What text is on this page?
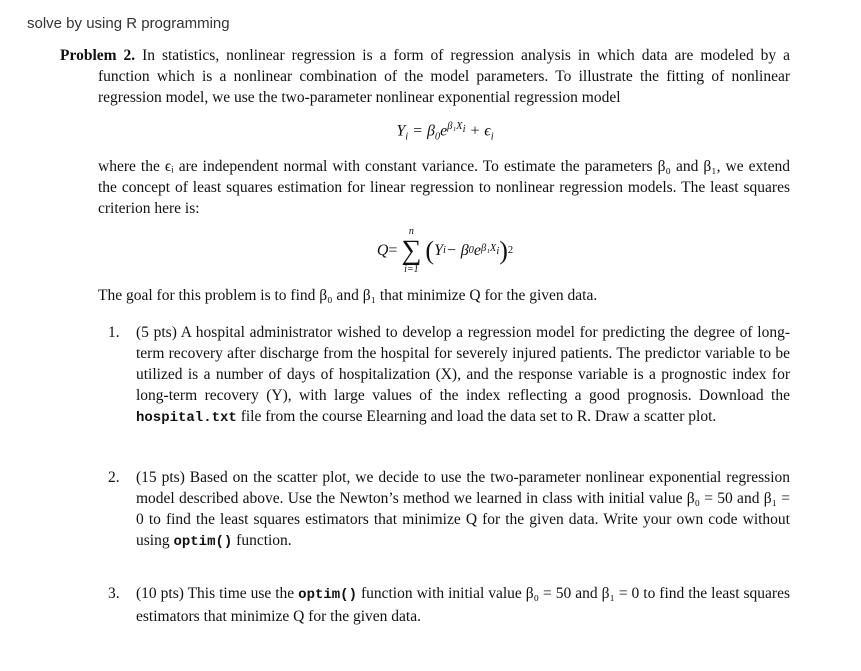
solve by using R programming

Problem 2. In statistics, nonlinear regression is a form of regression analysis in which data are modeled by a function which is a nonlinear combination of the model parameters. To illustrate the fitting of nonlinear regression model, we use the two-parameter nonlinear exponential regression model

$Y_i = \beta_0e^{\beta_1X_i} + \epsilon_i$

where the ϵᵢ are independent normal with constant variance. To estimate the parameters β₀ and β₁, we extend the concept of least squares estimation for linear regression to nonlinear regression models. The least squares criterion here is:

Q =
n
∑
i=1
( Y i − β 0 e $\beta_1X_i$ ) 2

The goal for this problem is to find β₀ and β₁ that minimize Q for the given data.

1. (5 pts) A hospital administrator wished to develop a regression model for predicting the degree of long-term recovery after discharge from the hospital for severely injured patients. The predictor variable to be utilized is a number of days of hospitalization (X), and the response variable is a prognostic index for long-term recovery (Y), with large values of the index reflecting a good prognosis. Download the hospital.txt file from the course Elearning and load the data set to R. Draw a scatter plot.

2. (15 pts) Based on the scatter plot, we decide to use the two-parameter nonlinear exponential regression model described above. Use the Newton’s method we learned in class with initial value β₀ = 50 and β₁ = 0 to find the least squares estimators that minimize Q for the given data. Write your own code without using optim() function.

3. (10 pts) This time use the optim() function with initial value β₀ = 50 and β₁ = 0 to find the least squares estimators that minimize Q for the given data.
